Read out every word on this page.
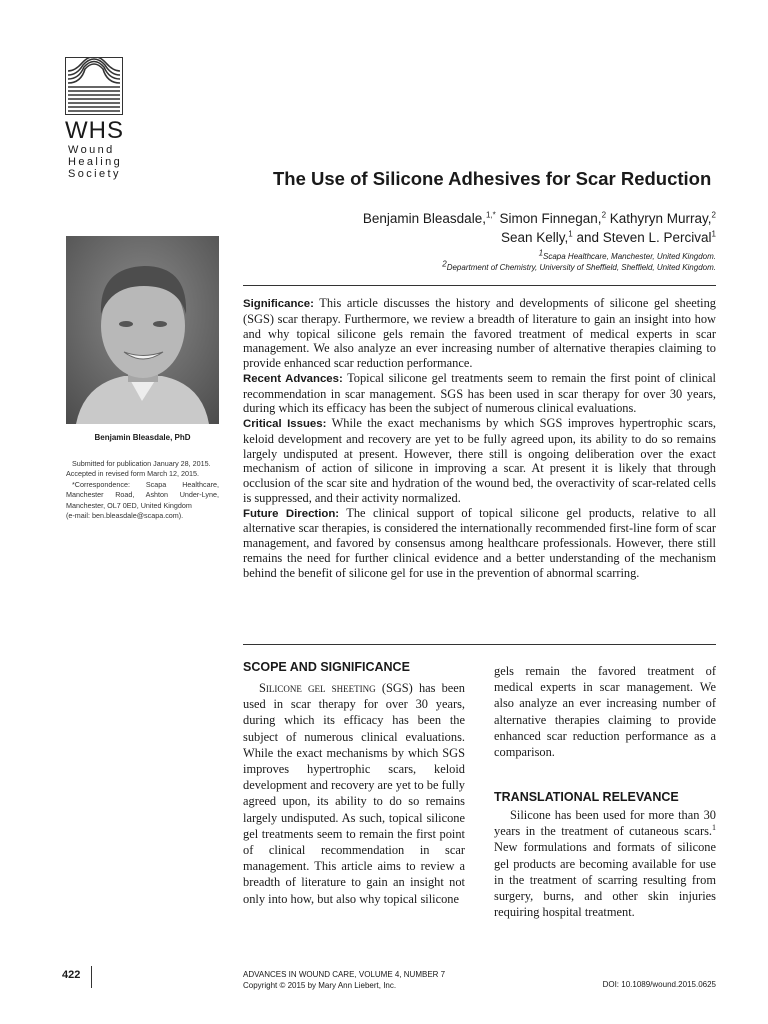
WHS
Wound
Healing
Society	The Use of Silicone Adhesives for Scar Reduction
Benjamin Bleasdale,$^{1,*}$ Simon Finnegan,$^2$ Kathyryn Murray,$^2$
Sean Kelly,$^1$ and Steven L. Percival$^1$
$^1$Scapa Healthcare, Manchester, United Kingdom.
$^2$Department of Chemistry, University of Sheffield, Sheffield, United Kingdom.
Benjamin Bleasdale, PhD

Submitted for publication January 28, 2015.

Accepted in revised form March 12, 2015.

*Correspondence: Scapa Healthcare, Manchester Road, Ashton Under-Lyne, Manchester, OL7 0ED, United Kingdom

(e-mail: ben.bleasdale@scapa.com).

Significance: This article discusses the history and developments of silicone gel sheeting (SGS) scar therapy. Furthermore, we review a breadth of literature to gain an insight into how and why topical silicone gels remain the favored treatment of medical experts in scar management. We also analyze an ever increasing number of alternative therapies claiming to provide enhanced scar reduction performance.

Recent Advances: Topical silicone gel treatments seem to remain the first point of clinical recommendation in scar management. SGS has been used in scar therapy for over 30 years, during which its efficacy has been the subject of numerous clinical evaluations.

Critical Issues: While the exact mechanisms by which SGS improves hypertrophic scars, keloid development and recovery are yet to be fully agreed upon, its ability to do so remains largely undisputed at present. However, there still is ongoing deliberation over the exact mechanism of action of silicone in improving a scar. At present it is likely that through occlusion of the scar site and hydration of the wound bed, the overactivity of scar-related cells is suppressed, and their activity normalized.

Future Direction: The clinical support of topical silicone gel products, relative to all alternative scar therapies, is considered the internationally recommended first-line form of scar management, and favored by consensus among healthcare professionals. However, there still remains the need for further clinical evidence and a better understanding of the mechanism behind the benefit of silicone gel for use in the prevention of abnormal scarring.

SCOPE AND SIGNIFICANCE

Silicone gel sheeting (SGS) has been used in scar therapy for over 30 years, during which its efficacy has been the subject of numerous clinical evaluations. While the exact mechanisms by which SGS improves hypertrophic scars, keloid development and recovery are yet to be fully agreed upon, its ability to do so remains largely undisputed. As such, topical silicone gel treatments seem to remain the first point of clinical recommendation in scar management. This article aims to review a breadth of literature to gain an insight not only into how, but also why topical silicone

gels remain the favored treatment of medical experts in scar management. We also analyze an ever increasing number of alternative therapies claiming to provide enhanced scar reduction performance as a comparison.

TRANSLATIONAL RELEVANCE

Silicone has been used for more than 30 years in the treatment of cutaneous scars.$^1$ New formulations and formats of silicone gel products are becoming available for use in the treatment of scarring resulting from surgery, burns, and other skin injuries requiring hospital treatment.

422	ADVANCES IN WOUND CARE, VOLUME 4, NUMBER 7
Copyright © 2015 by Mary Ann Liebert, Inc.	DOI: 10.1089/wound.2015.0625
